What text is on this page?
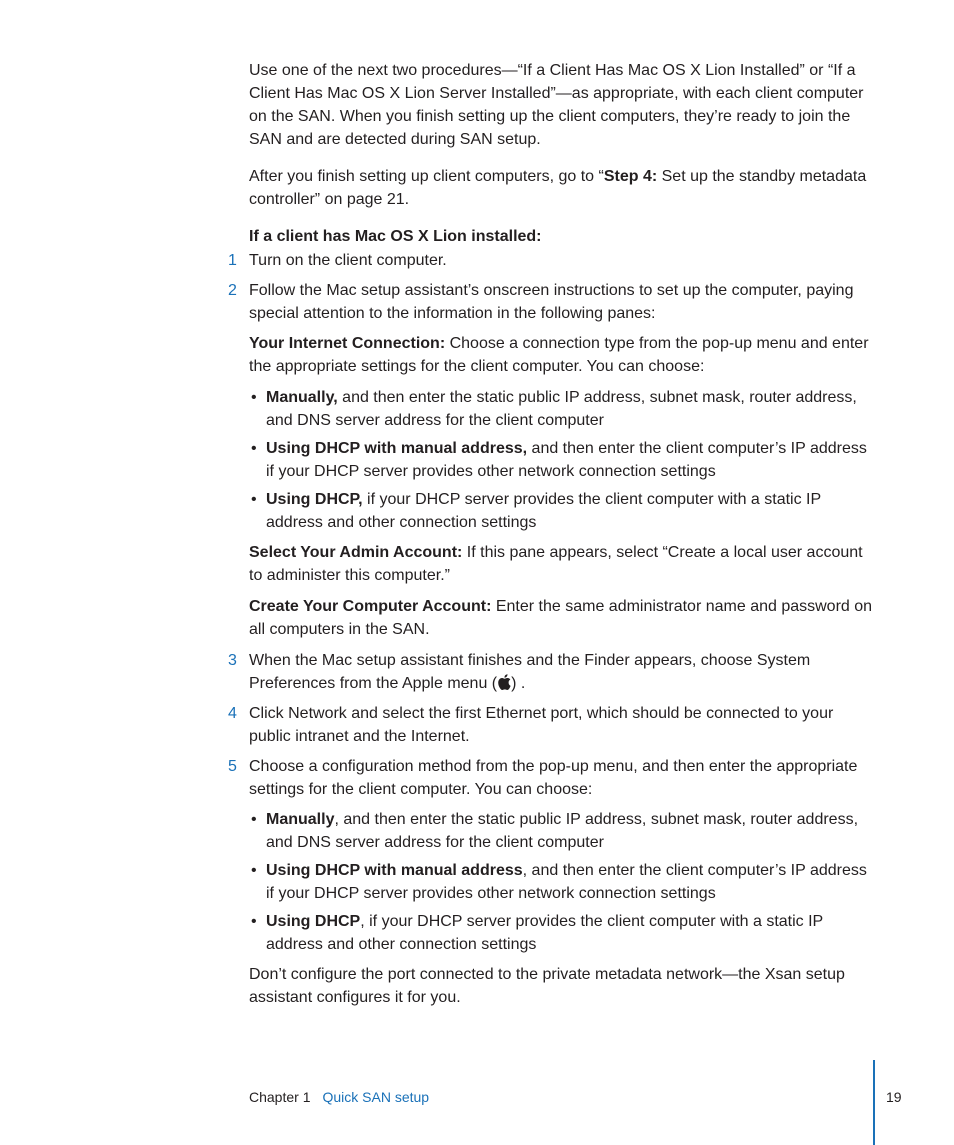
Use one of the next two procedures—“If a Client Has Mac OS X Lion Installed” or “If a Client Has Mac OS X Lion Server Installed”—as appropriate, with each client computer on the SAN. When you finish setting up the client computers, they’re ready to join the SAN and are detected during SAN setup.

After you finish setting up client computers, go to “Step 4: Set up the standby metadata controller” on page 21.

If a client has Mac OS X Lion installed:

1 Turn on the client computer.
2 Follow the Mac setup assistant’s onscreen instructions to set up the computer, paying special attention to the information in the following panes:

Your Internet Connection: Choose a connection type from the pop-up menu and enter the appropriate settings for the client computer. You can choose:

• Manually, and then enter the static public IP address, subnet mask, router address, and DNS server address for the client computer
• Using DHCP with manual address, and then enter the client computer’s IP address if your DHCP server provides other network connection settings
• Using DHCP, if your DHCP server provides the client computer with a static IP address and other connection settings

Select Your Admin Account: If this pane appears, select “Create a local user account to administer this computer.”

Create Your Computer Account: Enter the same administrator name and password on all computers in the SAN.

3 When the Mac setup assistant finishes and the Finder appears, choose System Preferences from the Apple menu ( ) .
4 Click Network and select the first Ethernet port, which should be connected to your public intranet and the Internet.
5 Choose a configuration method from the pop-up menu, and then enter the appropriate settings for the client computer. You can choose:
• Manually, and then enter the static public IP address, subnet mask, router address, and DNS server address for the client computer
• Using DHCP with manual address, and then enter the client computer’s IP address if your DHCP server provides other network connection settings
• Using DHCP, if your DHCP server provides the client computer with a static IP address and other connection settings

Don’t configure the port connected to the private metadata network—the Xsan setup assistant configures it for you.

Chapter 1 Quick SAN setup	19
